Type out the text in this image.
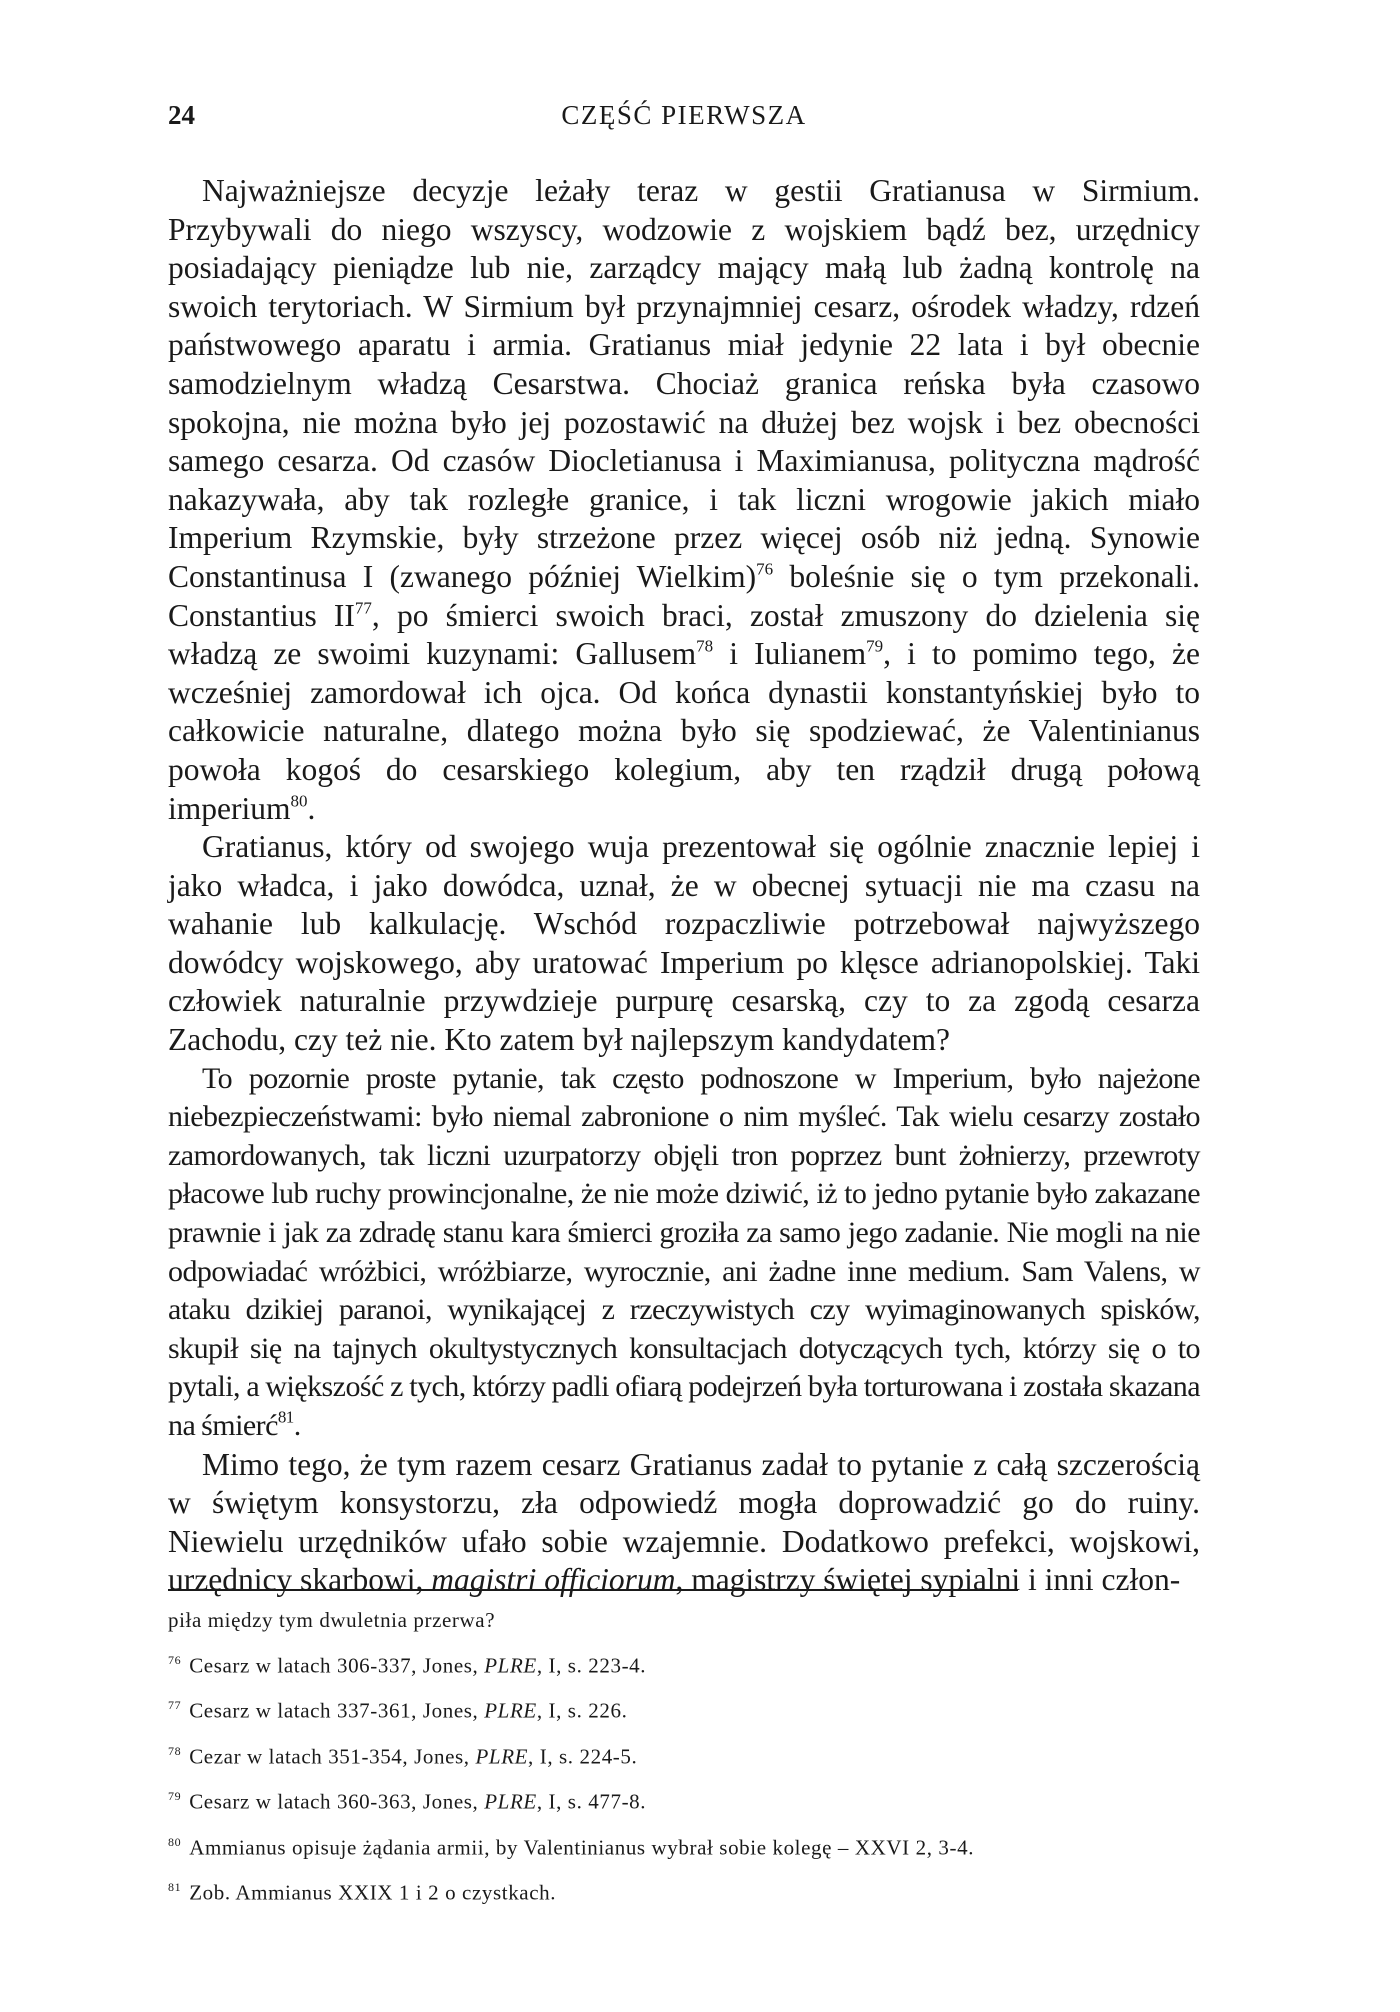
24	CZĘŚĆ PIERWSZA

Najważniejsze decyzje leżały teraz w gestii Gratianusa w Sirmium. Przybywali do niego wszyscy, wodzowie z wojskiem bądź bez, urzędnicy posiadający pieniądze lub nie, zarządcy mający małą lub żadną kontrolę na swoich terytoriach. W Sirmium był przynajmniej cesarz, ośrodek władzy, rdzeń państwowego aparatu i armia. Gratianus miał jedynie 22 lata i był obecnie samodzielnym władzą Cesarstwa. Chociaż granica reńska była czasowo spokojna, nie można było jej pozostawić na dłużej bez wojsk i bez obecności samego cesarza. Od czasów Diocletianusa i Maximianusa, polityczna mądrość nakazywała, aby tak rozległe granice, i tak liczni wrogowie jakich miało Imperium Rzymskie, były strzeżone przez więcej osób niż jedną. Synowie Constantinusa I (zwanego później Wielkim)$^{76}$ boleśnie się o tym przekonali. Constantius II$^{77}$, po śmierci swoich braci, został zmuszony do dzielenia się władzą ze swoimi kuzynami: Gallusem$^{78}$ i Iulianem$^{79}$, i to pomimo tego, że wcześniej zamordował ich ojca. Od końca dynastii konstantyńskiej było to całkowicie naturalne, dlatego można było się spodziewać, że Valentinianus powoła kogoś do cesarskiego kolegium, aby ten rządził drugą połową imperium$^{80}$.

Gratianus, który od swojego wuja prezentował się ogólnie znacznie lepiej i jako władca, i jako dowódca, uznał, że w obecnej sytuacji nie ma czasu na wahanie lub kalkulację. Wschód rozpaczliwie potrzebował najwyższego dowódcy wojskowego, aby uratować Imperium po klęsce adrianopolskiej. Taki człowiek naturalnie przywdzieje purpurę cesarską, czy to za zgodą cesarza Zachodu, czy też nie. Kto zatem był najlepszym kandydatem?

To pozornie proste pytanie, tak często podnoszone w Imperium, było najeżone niebezpieczeństwami: było niemal zabronione o nim myśleć. Tak wielu cesarzy zostało zamordowanych, tak liczni uzurpatorzy objęli tron poprzez bunt żołnierzy, przewroty płacowe lub ruchy prowincjonalne, że nie może dziwić, iż to jedno pytanie było zakazane prawnie i jak za zdradę stanu kara śmierci groziła za samo jego zadanie. Nie mogli na nie odpowiadać wróżbici, wróżbiarze, wyrocznie, ani żadne inne medium. Sam Valens, w ataku dzikiej paranoi, wynikającej z rzeczywistych czy wyimaginowanych spisków, skupił się na tajnych okultystycznych konsultacjach dotyczących tych, którzy się o to pytali, a większość z tych, którzy padli ofiarą podejrzeń była torturowana i została skazana na śmierć$^{81}$.

Mimo tego, że tym razem cesarz Gratianus zadał to pytanie z całą szczerością w świętym konsystorzu, zła odpowiedź mogła doprowadzić go do ruiny. Niewielu urzędników ufało sobie wzajemnie. Dodatkowo prefekci, wojskowi, urzędnicy skarbowi, magistri officiorum, magistrzy świętej sypialni i inni człon-

piła między tym dwuletnia przerwa?
$^{76}$ Cesarz w latach 306-337, Jones, PLRE, I, s. 223-4.
$^{77}$ Cesarz w latach 337-361, Jones, PLRE, I, s. 226.
$^{78}$ Cezar w latach 351-354, Jones, PLRE, I, s. 224-5.
$^{79}$ Cesarz w latach 360-363, Jones, PLRE, I, s. 477-8.
$^{80}$ Ammianus opisuje żądania armii, by Valentinianus wybrał sobie kolegę – XXVI 2, 3-4.
$^{81}$ Zob. Ammianus XXIX 1 i 2 o czystkach.
